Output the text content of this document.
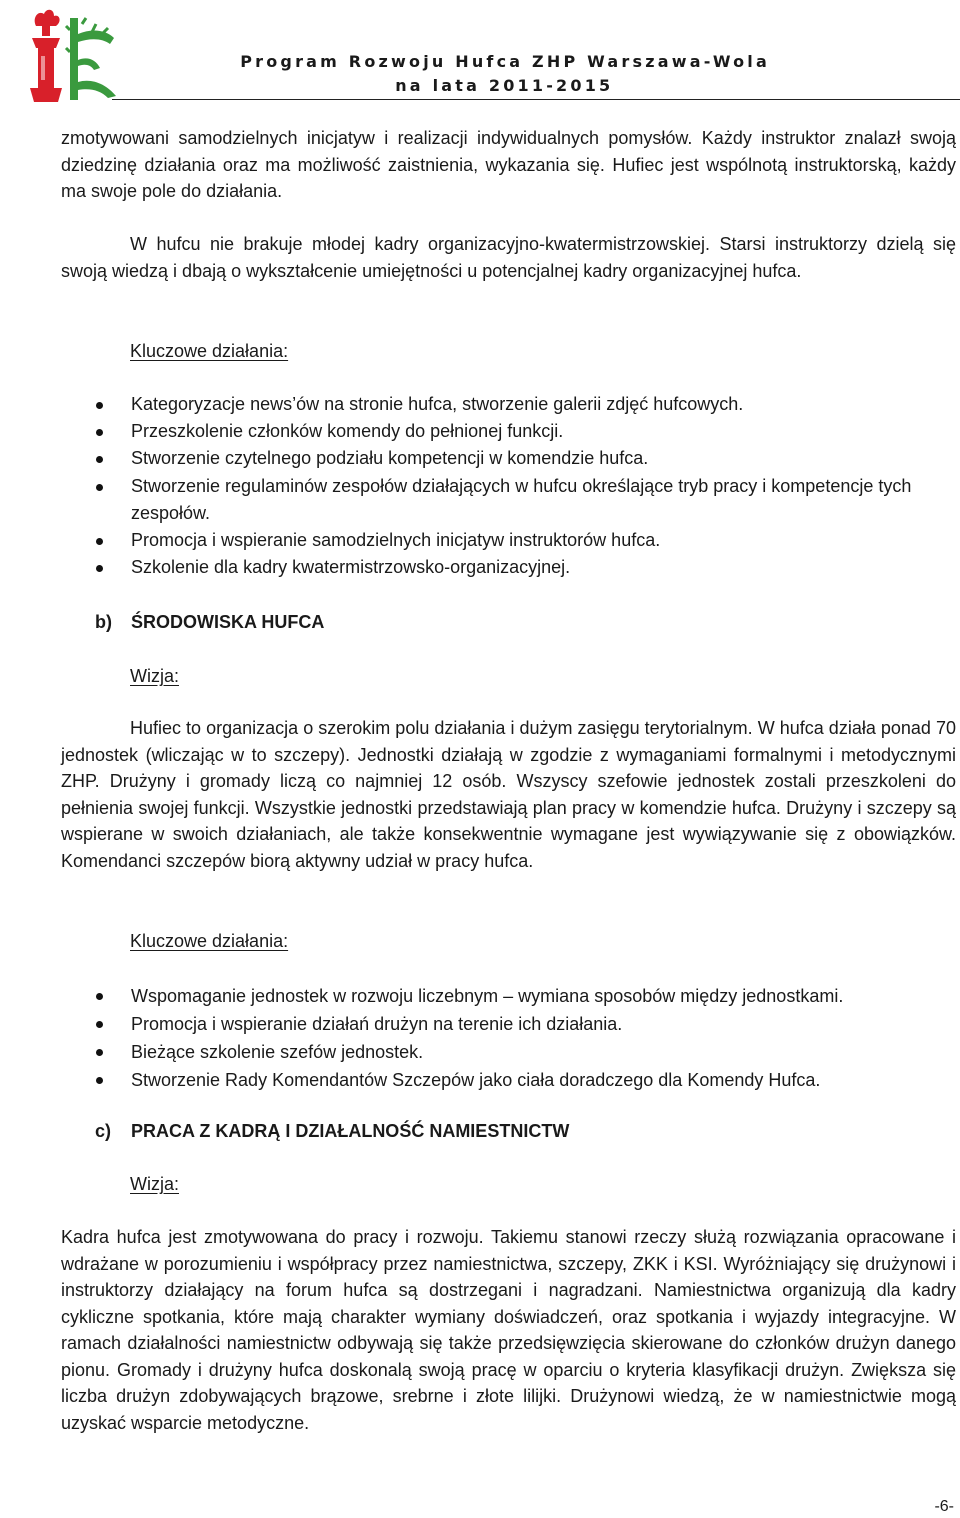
Program Rozwoju Hufca ZHP Warszawa-Wola
na lata 2011-2015

zmotywowani samodzielnych inicjatyw i realizacji indywidualnych pomysłów. Każdy instruktor znalazł swoją dziedzinę działania oraz ma możliwość zaistnienia, wykazania się. Hufiec jest wspólnotą instruktorską, każdy ma swoje pole do działania.

W hufcu nie brakuje młodej kadry organizacyjno-kwatermistrzowskiej. Starsi instruktorzy dzielą się swoją wiedzą i dbają o wykształcenie umiejętności u potencjalnej kadry organizacyjnej hufca.

Kluczowe działania:
Kategoryzacje news’ów na stronie hufca, stworzenie galerii zdjęć hufcowych.
Przeszkolenie członków komendy do pełnionej funkcji.
Stworzenie czytelnego podziału kompetencji w komendzie hufca.
Stworzenie regulaminów zespołów działających w hufcu określające tryb pracy i kompetencje tych zespołów.
Promocja i wspieranie samodzielnych inicjatyw instruktorów hufca.
Szkolenie dla kadry kwatermistrzowsko-organizacyjnej.
b) ŚRODOWISKA HUFCA
Wizja:

Hufiec to organizacja o szerokim polu działania i dużym zasięgu terytorialnym. W hufca działa ponad 70 jednostek (wliczając w to szczepy). Jednostki działają w zgodzie z wymaganiami formalnymi i metodycznymi ZHP. Drużyny i gromady liczą co najmniej 12 osób. Wszyscy szefowie jednostek zostali przeszkoleni do pełnienia swojej funkcji. Wszystkie jednostki przedstawiają plan pracy w komendzie hufca. Drużyny i szczepy są wspierane w swoich działaniach, ale także konsekwentnie wymagane jest wywiązywanie się z obowiązków. Komendanci szczepów biorą aktywny udział w pracy hufca.

Kluczowe działania:
Wspomaganie jednostek w rozwoju liczebnym – wymiana sposobów między jednostkami.
Promocja i wspieranie działań drużyn na terenie ich działania.
Bieżące szkolenie szefów jednostek.
Stworzenie Rady Komendantów Szczepów jako ciała doradczego dla Komendy Hufca.
c) PRACA Z KADRĄ I DZIAŁALNOŚĆ NAMIESTNICTW
Wizja:

Kadra hufca jest zmotywowana do pracy i rozwoju. Takiemu stanowi rzeczy służą rozwiązania opracowane i wdrażane w porozumieniu i współpracy przez namiestnictwa, szczepy, ZKK i KSI. Wyróżniający się drużynowi i instruktorzy działający na forum hufca są dostrzegani i nagradzani. Namiestnictwa organizują dla kadry cykliczne spotkania, które mają charakter wymiany doświadczeń, oraz spotkania i wyjazdy integracyjne. W ramach działalności namiestnictw odbywają się także przedsięwzięcia skierowane do członków drużyn danego pionu. Gromady i drużyny hufca doskonalą swoją pracę w oparciu o kryteria klasyfikacji drużyn. Zwiększa się liczba drużyn zdobywających brązowe, srebrne i złote lilijki. Drużynowi wiedzą, że w namiestnictwie mogą uzyskać wsparcie metodyczne.

-6-
